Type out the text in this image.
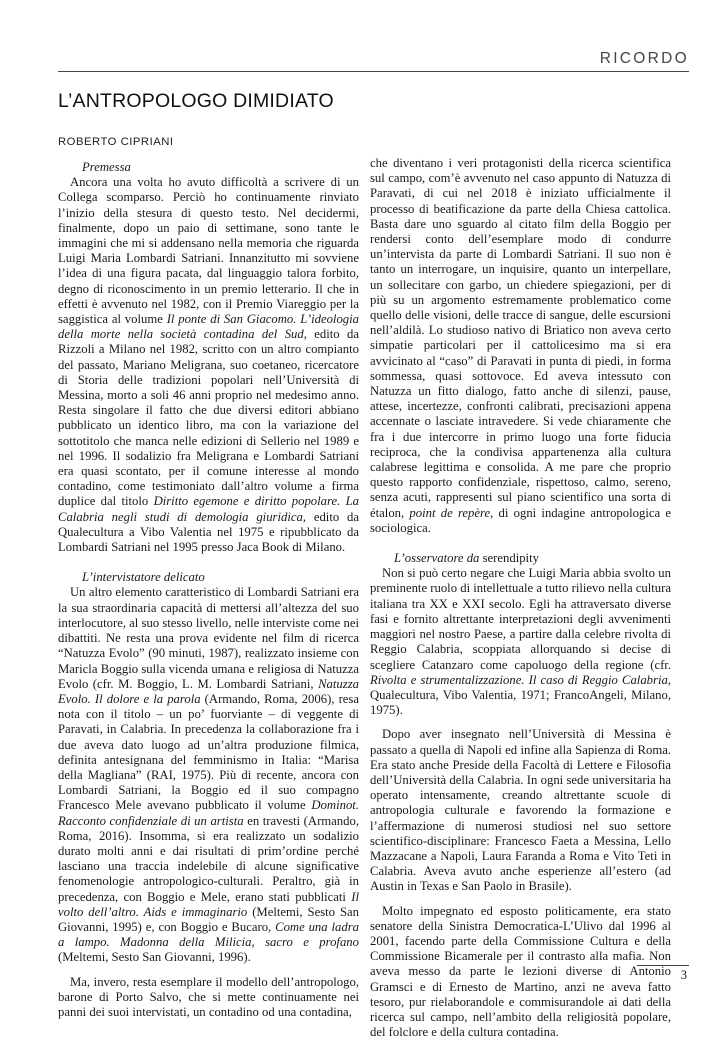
RICORDO
L’ANTROPOLOGO DIMIDIATO
ROBERTO CIPRIANI

Premessa

Ancora una volta ho avuto difficoltà a scrivere di un Collega scomparso. Perciò ho continuamente rinviato l’inizio della stesura di questo testo. Nel decidermi, finalmente, dopo un paio di settimane, sono tante le immagini che mi si addensano nella memoria che riguarda Luigi Maria Lombardi Satriani. Innanzitutto mi sovviene l’idea di una figura pacata, dal linguaggio talora forbito, degno di riconoscimento in un premio letterario. Il che in effetti è avvenuto nel 1982, con il Premio Viareggio per la saggistica al volume Il ponte di San Giacomo. L’ideologia della morte nella società contadina del Sud, edito da Rizzoli a Milano nel 1982, scritto con un altro compianto del passato, Mariano Meligrana, suo coetaneo, ricercatore di Storia delle tradizioni popolari nell’Università di Messina, morto a soli 46 anni proprio nel medesimo anno. Resta singolare il fatto che due diversi editori abbiano pubblicato un identico libro, ma con la variazione del sottotitolo che manca nelle edizioni di Sellerio nel 1989 e nel 1996. Il sodalizio fra Meligrana e Lombardi Satriani era quasi scontato, per il comune interesse al mondo contadino, come testimoniato dall’altro volume a firma duplice dal titolo Diritto egemone e diritto popolare. La Calabria negli studi di demologia giuridica, edito da Qualecultura a Vibo Valentia nel 1975 e ripubblicato da Lombardi Satriani nel 1995 presso Jaca Book di Milano.

L’intervistatore delicato

Un altro elemento caratteristico di Lombardi Satriani era la sua straordinaria capacità di mettersi all’altezza del suo interlocutore, al suo stesso livello, nelle interviste come nei dibattiti. Ne resta una prova evidente nel film di ricerca “Natuzza Evolo” (90 minuti, 1987), realizzato insieme con Maricla Boggio sulla vicenda umana e religiosa di Natuzza Evolo (cfr. M. Boggio, L. M. Lombardi Satriani, Natuzza Evolo. Il dolore e la parola (Armando, Roma, 2006), resa nota con il titolo – un po’ fuorviante – di veggente di Paravati, in Calabria. In precedenza la collaborazione fra i due aveva dato luogo ad un’altra produzione filmica, definita antesignana del femminismo in Italia: “Marisa della Magliana” (RAI, 1975). Più di recente, ancora con Lombardi Satriani, la Boggio ed il suo compagno Francesco Mele avevano pubblicato il volume Dominot. Racconto confidenziale di un artista en travesti (Armando, Roma, 2016). Insomma, si era realizzato un sodalizio durato molti anni e dai risultati di prim’ordine perché lasciano una traccia indelebile di alcune significative fenomenologie antropologico-culturali. Peraltro, già in precedenza, con Boggio e Mele, erano stati pubblicati Il volto dell’altro. Aids e immaginario (Meltemi, Sesto San Giovanni, 1995) e, con Boggio e Bucaro, Come una ladra a lampo. Madonna della Milicia, sacro e profano (Meltemi, Sesto San Giovanni, 1996).

Ma, invero, resta esemplare il modello dell’antropologo, barone di Porto Salvo, che si mette continuamente nei panni dei suoi intervistati, un contadino od una contadina,

che diventano i veri protagonisti della ricerca scientifica sul campo, com’è avvenuto nel caso appunto di Natuzza di Paravati, di cui nel 2018 è iniziato ufficialmente il processo di beatificazione da parte della Chiesa cattolica. Basta dare uno sguardo al citato film della Boggio per rendersi conto dell’esemplare modo di condurre un’intervista da parte di Lombardi Satriani. Il suo non è tanto un interrogare, un inquisire, quanto un interpellare, un sollecitare con garbo, un chiedere spiegazioni, per di più su un argomento estremamente problematico come quello delle visioni, delle tracce di sangue, delle escursioni nell’aldilà. Lo studioso nativo di Briatico non aveva certo simpatie particolari per il cattolicesimo ma si era avvicinato al “caso” di Paravati in punta di piedi, in forma sommessa, quasi sottovoce. Ed aveva intessuto con Natuzza un fitto dialogo, fatto anche di silenzi, pause, attese, incertezze, confronti calibrati, precisazioni appena accennate o lasciate intravedere. Si vede chiaramente che fra i due intercorre in primo luogo una forte fiducia reciproca, che la condivisa appartenenza alla cultura calabrese legittima e consolida. A me pare che proprio questo rapporto confidenziale, rispettoso, calmo, sereno, senza acuti, rappresenti sul piano scientifico una sorta di étalon, point de repère, di ogni indagine antropologica e sociologica.

L’osservatore da serendipity

Non si può certo negare che Luigi Maria abbia svolto un preminente ruolo di intellettuale a tutto rilievo nella cultura italiana tra XX e XXI secolo. Egli ha attraversato diverse fasi e fornito altrettante interpretazioni degli avvenimenti maggiori nel nostro Paese, a partire dalla celebre rivolta di Reggio Calabria, scoppiata allorquando si decise di scegliere Catanzaro come capoluogo della regione (cfr. Rivolta e strumentalizzazione. Il caso di Reggio Calabria, Qualecultura, Vibo Valentia, 1971; FrancoAngeli, Milano, 1975).

Dopo aver insegnato nell’Università di Messina è passato a quella di Napoli ed infine alla Sapienza di Roma. Era stato anche Preside della Facoltà di Lettere e Filosofia dell’Università della Calabria. In ogni sede universitaria ha operato intensamente, creando altrettante scuole di antropologia culturale e favorendo la formazione e l’affermazione di numerosi studiosi nel suo settore scientifico-disciplinare: Francesco Faeta a Messina, Lello Mazzacane a Napoli, Laura Faranda a Roma e Vito Teti in Calabria. Aveva avuto anche esperienze all’estero (ad Austin in Texas e San Paolo in Brasile).

Molto impegnato ed esposto politicamente, era stato senatore della Sinistra Democratica-L’Ulivo dal 1996 al 2001, facendo parte della Commissione Cultura e della Commissione Bicamerale per il contrasto alla mafia. Non aveva messo da parte le lezioni diverse di Antonio Gramsci e di Ernesto de Martino, anzi ne aveva fatto tesoro, pur rielaborandole e commisurandole ai dati della ricerca sul campo, nell’ambito della religiosità popolare, del folclore e della cultura contadina.

3
